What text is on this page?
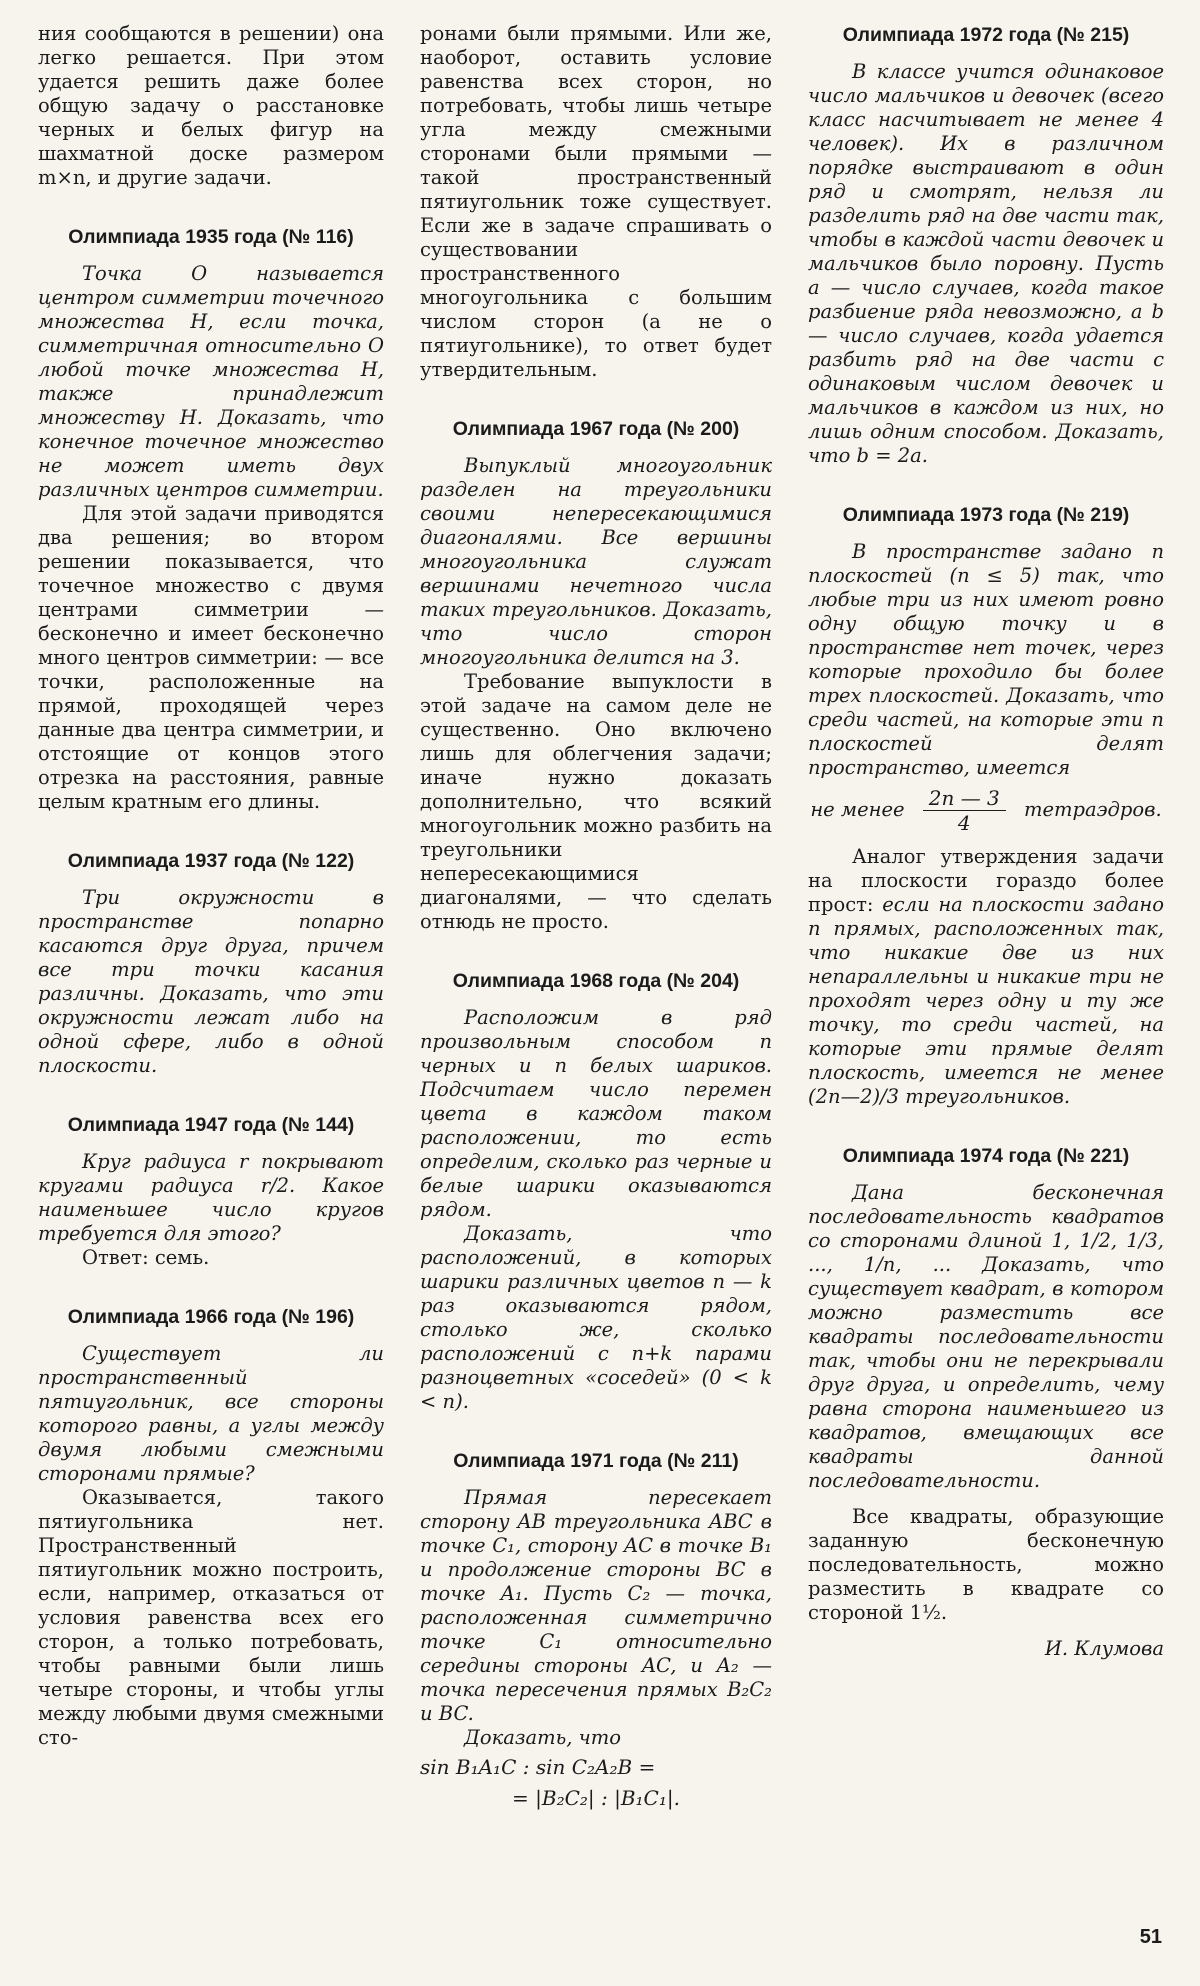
ния сообщаются в решении) она легко решается. При этом удается решить даже более общую задачу о расстановке черных и белых фигур на шахматной доске размером m×n, и другие задачи.

Олимпиада 1935 года (№ 116)

Точка O называется центром симметрии точечного множества H, если точка, симметричная относительно O любой точке множества H, также принадлежит множеству H. Доказать, что конечное точечное множество не может иметь двух различных центров симметрии.

Для этой задачи приводятся два решения; во втором решении показывается, что точечное множество с двумя центрами симметрии — бесконечно и имеет бесконечно много центров симметрии: — все точки, расположенные на прямой, проходящей через данные два центра симметрии, и отстоящие от концов этого отрезка на расстояния, равные целым кратным его длины.

Олимпиада 1937 года (№ 122)

Три окружности в пространстве попарно касаются друг друга, причем все три точки касания различны. Доказать, что эти окружности лежат либо на одной сфере, либо в одной плоскости.

Олимпиада 1947 года (№ 144)

Круг радиуса r покрывают кругами радиуса r/2. Какое наименьшее число кругов требуется для этого?

Ответ: семь.

Олимпиада 1966 года (№ 196)

Существует ли пространственный пятиугольник, все стороны которого равны, а углы между двумя любыми смежными сторонами прямые?

Оказывается, такого пятиугольника нет. Пространственный пятиугольник можно построить, если, например, отказаться от условия равенства всех его сторон, а только потребовать, чтобы равными были лишь четыре стороны, и чтобы углы между любыми двумя смежными сто-

ронами были прямыми. Или же, наоборот, оставить условие равенства всех сторон, но потребовать, чтобы лишь четыре угла между смежными сторонами были прямыми — такой пространственный пятиугольник тоже существует. Если же в задаче спрашивать о существовании пространственного многоугольника с большим числом сторон (а не о пятиугольнике), то ответ будет утвердительным.

Олимпиада 1967 года (№ 200)

Выпуклый многоугольник разделен на треугольники своими непересекающимися диагоналями. Все вершины многоугольника служат вершинами нечетного числа таких треугольников. Доказать, что число сторон многоугольника делится на 3.

Требование выпуклости в этой задаче на самом деле не существенно. Оно включено лишь для облегчения задачи; иначе нужно доказать дополнительно, что всякий многоугольник можно разбить на треугольники непересекающимися диагоналями, — что сделать отнюдь не просто.

Олимпиада 1968 года (№ 204)

Расположим в ряд произвольным способом n черных и n белых шариков. Подсчитаем число перемен цвета в каждом таком расположении, то есть определим, сколько раз черные и белые шарики оказываются рядом.

Доказать, что расположений, в которых шарики различных цветов n — k раз оказываются рядом, столько же, сколько расположений с n+k парами разноцветных «соседей» (0 < k < n).

Олимпиада 1971 года (№ 211)

Прямая пересекает сторону AB треугольника ABC в точке C₁, сторону AC в точке B₁ и продолжение стороны BC в точке A₁. Пусть C₂ — точка, расположенная симметрично точке C₁ относительно середины стороны AC, и A₂ — точка пересечения прямых B₂C₂ и BC.

Доказать, что

sin B₁A₁C : sin C₂A₂B =

= |B₂C₂| : |B₁C₁|.

Олимпиада 1972 года (№ 215)

В классе учится одинаковое число мальчиков и девочек (всего класс насчитывает не менее 4 человек). Их в различном порядке выстраивают в один ряд и смотрят, нельзя ли разделить ряд на две части так, чтобы в каждой части девочек и мальчиков было поровну. Пусть a — число случаев, когда такое разбиение ряда невозможно, а b — число случаев, когда удается разбить ряд на две части с одинаковым числом девочек и мальчиков в каждом из них, но лишь одним способом. Доказать, что b = 2a.

Олимпиада 1973 года (№ 219)

В пространстве задано n плоскостей (n ≤ 5) так, что любые три из них имеют ровно одну общую точку и в пространстве нет точек, через которые проходило бы более трех плоскостей. Доказать, что среди частей, на которые эти n плоскостей делят пространство, имеется

не менее $\frac{2n — 3}{4}$ тетраэдров.

Аналог утверждения задачи на плоскости гораздо более прост: если на плоскости задано n прямых, расположенных так, что никакие две из них непараллельны и никакие три не проходят через одну и ту же точку, то среди частей, на которые эти прямые делят плоскость, имеется не менее (2n—2)/3 треугольников.

Олимпиада 1974 года (№ 221)

Дана бесконечная последовательность квадратов со сторонами длиной 1, 1/2, 1/3, ..., 1/n, ... Доказать, что существует квадрат, в котором можно разместить все квадраты последовательности так, чтобы они не перекрывали друг друга, и определить, чему равна сторона наименьшего из квадратов, вмещающих все квадраты данной последовательности.

Все квадраты, образующие заданную бесконечную последовательность, можно разместить в квадрате со стороной 1½.

И. Клумова

51
